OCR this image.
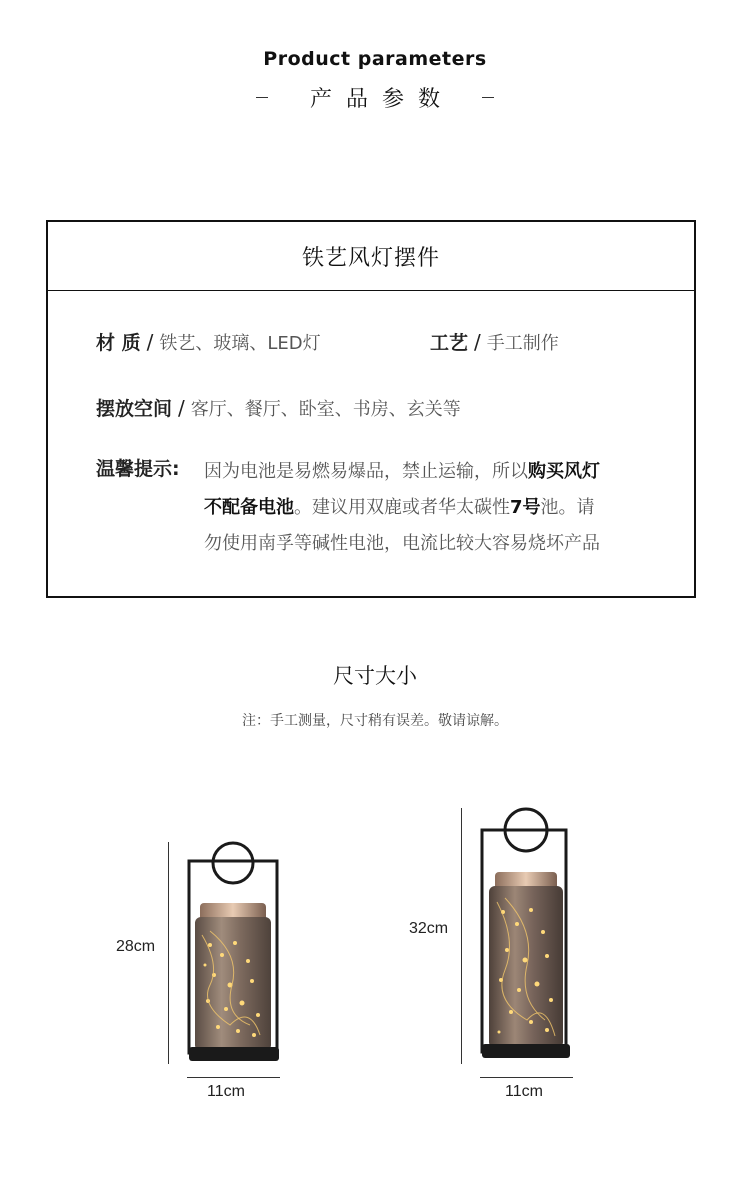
Product parameters
产品参数
铁艺风灯摆件
材 质 / 铁艺、玻璃、LED灯	工艺 / 手工制作
摆放空间 / 客厅、餐厅、卧室、书房、玄关等
温馨提示: 因为电池是易燃易爆品，禁止运输，所以购买风灯
不配备电池。建议用双鹿或者华太碳性7号池。请
勿使用南孚等碱性电池，电流比较大容易烧坏产品
尺寸大小
注：手工测量，尺寸稍有误差。敬请谅解。
28cm
11cm
32cm
11cm
